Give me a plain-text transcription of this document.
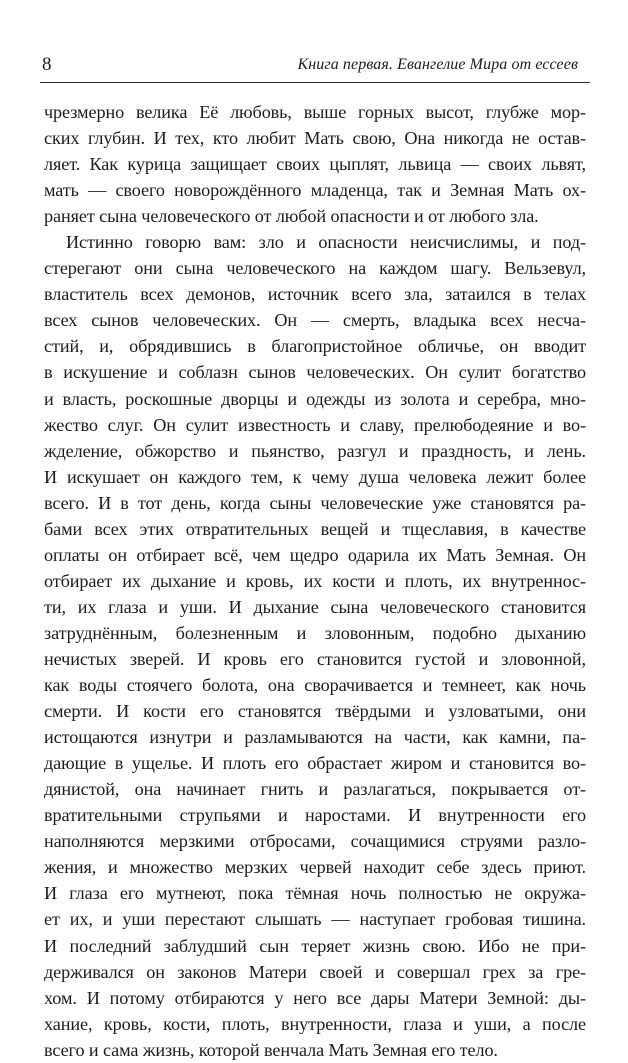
8	Книга первая. Евангелие Мира от ессеев
чрезмерно велика Её любовь, выше горных высот, глубже мор-
ских глубин. И тех, кто любит Мать свою, Она никогда не остав-
ляет. Как курица защищает своих цыплят, львица — своих львят,
мать — своего новорождённого младенца, так и Земная Мать ох-
раняет сына человеческого от любой опасности и от любого зла.
Истинно говорю вам: зло и опасности неисчислимы, и под-
стерегают они сына человеческого на каждом шагу. Вельзевул,
властитель всех демонов, источник всего зла, затаился в телах
всех сынов человеческих. Он — смерть, владыка всех несча-
стий, и, обрядившись в благопристойное обличье, он вводит
в искушение и соблазн сынов человеческих. Он сулит богатство
и власть, роскошные дворцы и одежды из золота и серебра, мно-
жество слуг. Он сулит известность и славу, прелюбодеяние и во-
жделение, обжорство и пьянство, разгул и праздность, и лень.
И искушает он каждого тем, к чему душа человека лежит более
всего. И в тот день, когда сыны человеческие уже становятся ра-
бами всех этих отвратительных вещей и тщеславия, в качестве
оплаты он отбирает всё, чем щедро одарила их Мать Земная. Он
отбирает их дыхание и кровь, их кости и плоть, их внутреннос-
ти, их глаза и уши. И дыхание сына человеческого становится
затруднённым, болезненным и зловонным, подобно дыханию
нечистых зверей. И кровь его становится густой и зловонной,
как воды стоячего болота, она сворачивается и темнеет, как ночь
смерти. И кости его становятся твёрдыми и узловатыми, они
истощаются изнутри и разламываются на части, как камни, па-
дающие в ущелье. И плоть его обрастает жиром и становится во-
дянистой, она начинает гнить и разлагаться, покрывается от-
вратительными струпьями и наростами. И внутренности его
наполняются мерзкими отбросами, сочащимися струями разло-
жения, и множество мерзких червей находит себе здесь приют.
И глаза его мутнеют, пока тёмная ночь полностью не окружа-
ет их, и уши перестают слышать — наступает гробовая тишина.
И последний заблудший сын теряет жизнь свою. Ибо не при-
держивался он законов Матери своей и совершал грех за гре-
хом. И потому отбираются у него все дары Матери Земной: ды-
хание, кровь, кости, плоть, внутренности, глаза и уши, а после
всего и сама жизнь, которой венчала Мать Земная его тело.
